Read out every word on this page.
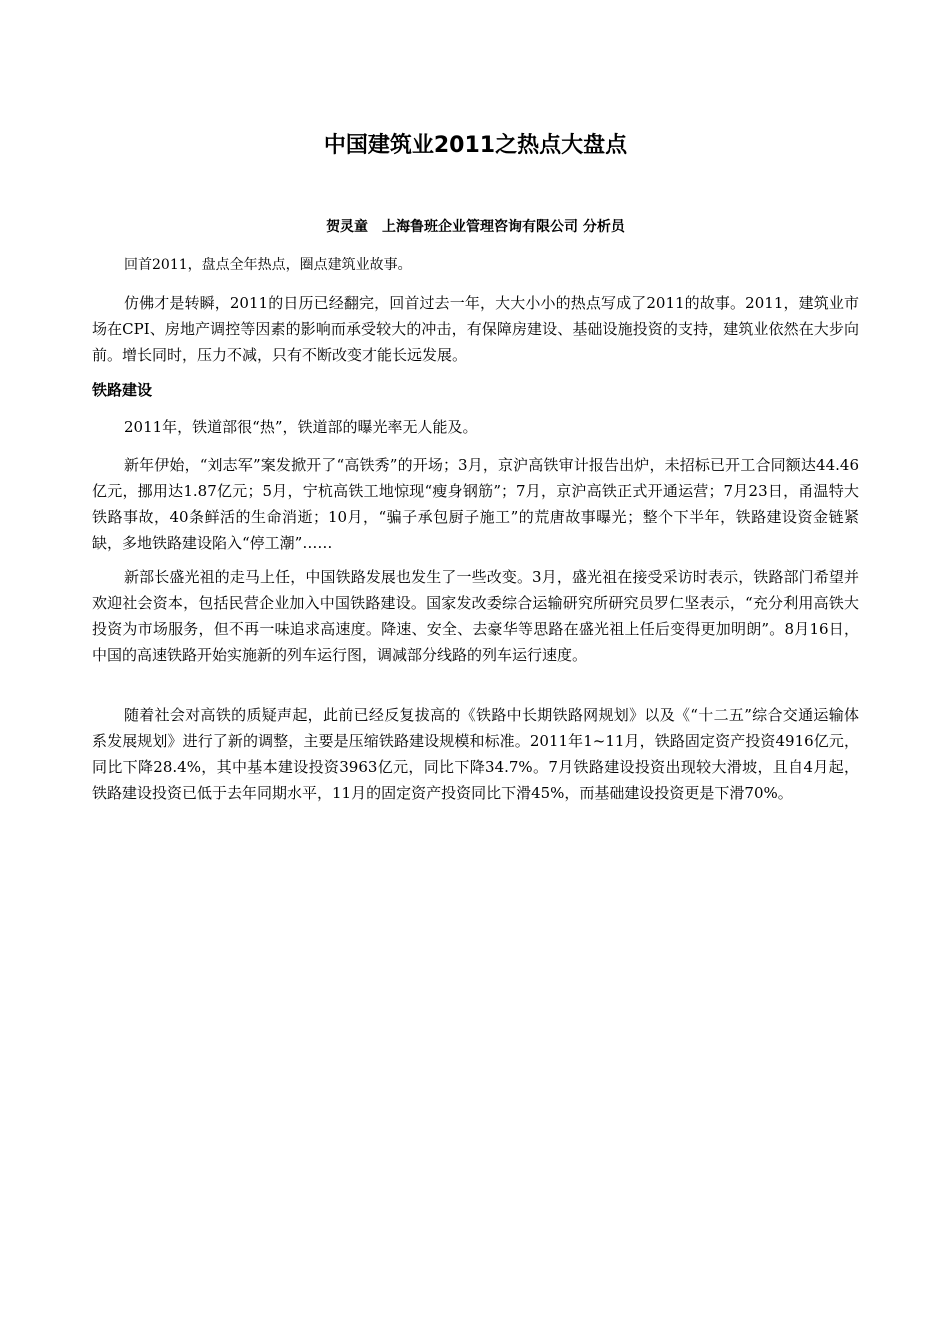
中国建筑业2011之热点大盘点

贺灵童　上海鲁班企业管理咨询有限公司 分析员

回首2011，盘点全年热点，圈点建筑业故事。

仿佛才是转瞬，2011的日历已经翻完，回首过去一年，大大小小的热点写成了2011的故事。2011，建筑业市场在CPI、房地产调控等因素的影响而承受较大的冲击，有保障房建设、基础设施投资的支持，建筑业依然在大步向前。增长同时，压力不减，只有不断改变才能长远发展。

铁路建设

2011年，铁道部很“热”，铁道部的曝光率无人能及。

新年伊始，“刘志军”案发掀开了“高铁秀”的开场；3月，京沪高铁审计报告出炉，未招标已开工合同额达44.46亿元，挪用达1.87亿元；5月，宁杭高铁工地惊现“瘦身钢筋”；7月，京沪高铁正式开通运营；7月23日，甬温特大铁路事故，40条鲜活的生命消逝；10月，“骗子承包厨子施工”的荒唐故事曝光；整个下半年，铁路建设资金链紧缺，多地铁路建设陷入“停工潮”……

新部长盛光祖的走马上任，中国铁路发展也发生了一些改变。3月，盛光祖在接受采访时表示，铁路部门希望并欢迎社会资本，包括民营企业加入中国铁路建设。国家发改委综合运输研究所研究员罗仁坚表示，“充分利用高铁大投资为市场服务，但不再一味追求高速度。降速、安全、去豪华等思路在盛光祖上任后变得更加明朗”。8月16日，中国的高速铁路开始实施新的列车运行图，调减部分线路的列车运行速度。

随着社会对高铁的质疑声起，此前已经反复拔高的《铁路中长期铁路网规划》以及《“十二五”综合交通运输体系发展规划》进行了新的调整，主要是压缩铁路建设规模和标准。2011年1~11月，铁路固定资产投资4916亿元，同比下降28.4%，其中基本建设投资3963亿元，同比下降34.7%。7月铁路建设投资出现较大滑坡，且自4月起， 铁路建设投资已低于去年同期水平，11月的固定资产投资同比下滑45%，而基础建设投资更是下滑70%。
